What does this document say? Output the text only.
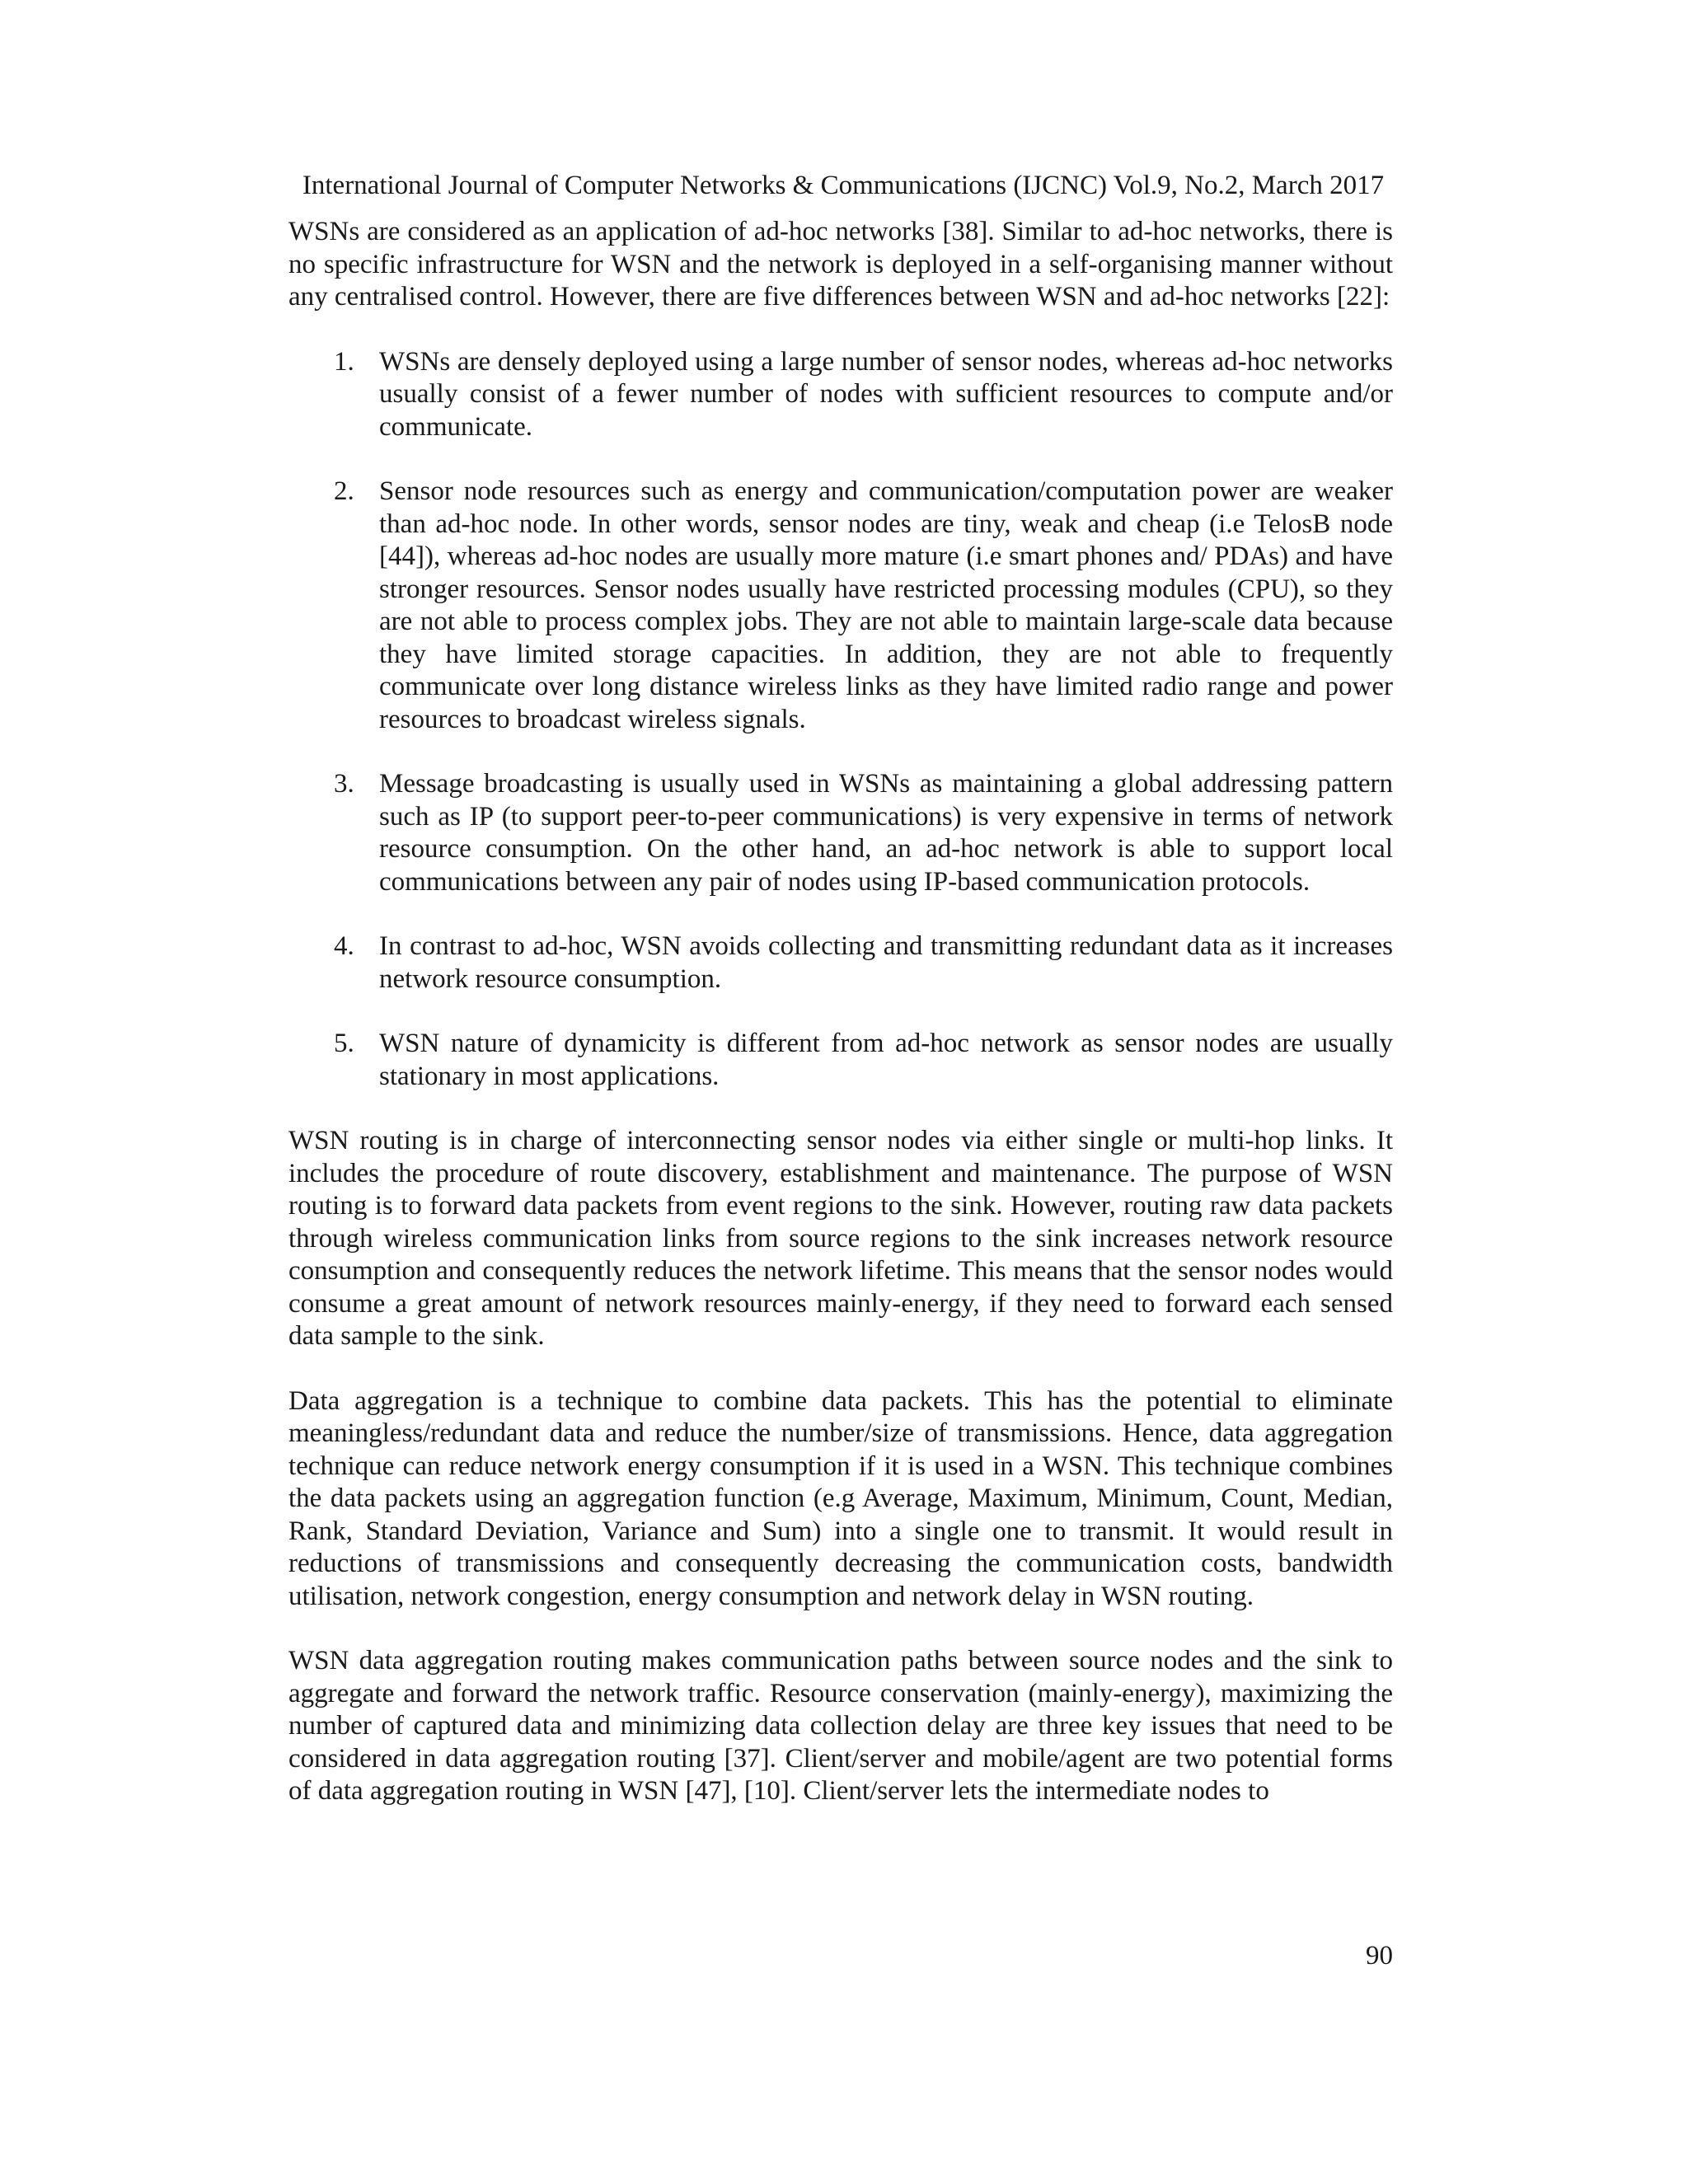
International Journal of Computer Networks & Communications (IJCNC) Vol.9, No.2, March 2017

WSNs are considered as an application of ad-hoc networks [38]. Similar to ad-hoc networks, there is no specific infrastructure for WSN and the network is deployed in a self-organising manner without any centralised control. However, there are five differences between WSN and ad-hoc networks [22]:

1. WSNs are densely deployed using a large number of sensor nodes, whereas ad-hoc networks usually consist of a fewer number of nodes with sufficient resources to compute and/or communicate.
2. Sensor node resources such as energy and communication/computation power are weaker than ad-hoc node. In other words, sensor nodes are tiny, weak and cheap (i.e TelosB node [44]), whereas ad-hoc nodes are usually more mature (i.e smart phones and/ PDAs) and have stronger resources. Sensor nodes usually have restricted processing modules (CPU), so they are not able to process complex jobs. They are not able to maintain large-scale data because they have limited storage capacities. In addition, they are not able to frequently communicate over long distance wireless links as they have limited radio range and power resources to broadcast wireless signals.
3. Message broadcasting is usually used in WSNs as maintaining a global addressing pattern such as IP (to support peer-to-peer communications) is very expensive in terms of network resource consumption. On the other hand, an ad-hoc network is able to support local communications between any pair of nodes using IP-based communication protocols.
4. In contrast to ad-hoc, WSN avoids collecting and transmitting redundant data as it increases network resource consumption.
5. WSN nature of dynamicity is different from ad-hoc network as sensor nodes are usually stationary in most applications.

WSN routing is in charge of interconnecting sensor nodes via either single or multi-hop links. It includes the procedure of route discovery, establishment and maintenance. The purpose of WSN routing is to forward data packets from event regions to the sink. However, routing raw data packets through wireless communication links from source regions to the sink increases network resource consumption and consequently reduces the network lifetime. This means that the sensor nodes would consume a great amount of network resources mainly-energy, if they need to forward each sensed data sample to the sink.

Data aggregation is a technique to combine data packets. This has the potential to eliminate meaningless/redundant data and reduce the number/size of transmissions. Hence, data aggregation technique can reduce network energy consumption if it is used in a WSN. This technique combines the data packets using an aggregation function (e.g Average, Maximum, Minimum, Count, Median, Rank, Standard Deviation, Variance and Sum) into a single one to transmit. It would result in reductions of transmissions and consequently decreasing the communication costs, bandwidth utilisation, network congestion, energy consumption and network delay in WSN routing.

WSN data aggregation routing makes communication paths between source nodes and the sink to aggregate and forward the network traffic. Resource conservation (mainly-energy), maximizing the number of captured data and minimizing data collection delay are three key issues that need to be considered in data aggregation routing [37]. Client/server and mobile/agent are two potential forms of data aggregation routing in WSN [47], [10]. Client/server lets the intermediate nodes to

90
